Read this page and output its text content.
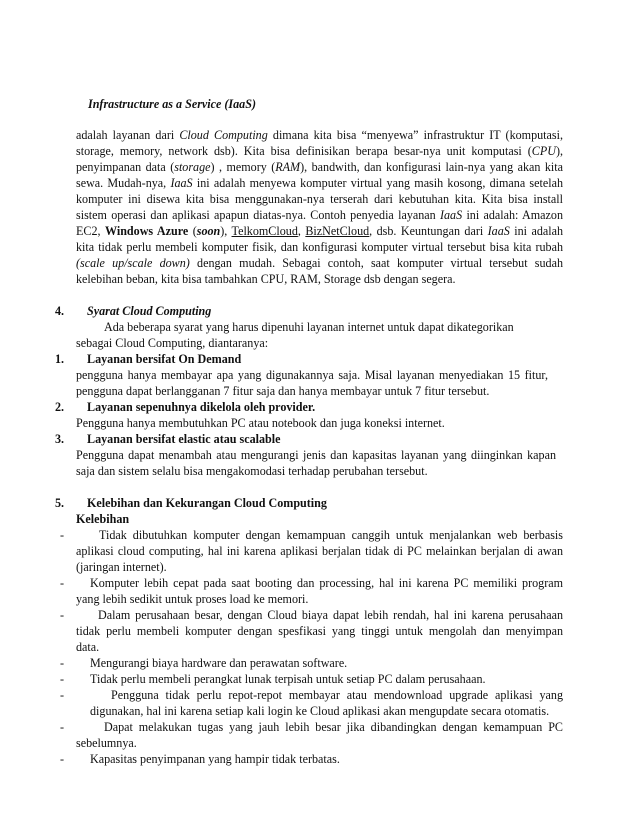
Infrastructure as a Service (IaaS)
adalah layanan dari Cloud Computing dimana kita bisa “menyewa” infrastruktur IT (komputasi,
storage, memory, network dsb). Kita bisa definisikan berapa besar-nya unit komputasi (CPU),
penyimpanan data (storage) , memory (RAM), bandwith, dan konfigurasi lain-nya yang akan kita
sewa. Mudah-nya, IaaS ini adalah menyewa komputer virtual yang masih kosong, dimana setelah
komputer ini disewa kita bisa menggunakan-nya terserah dari kebutuhan kita. Kita bisa install
sistem operasi dan aplikasi apapun diatas-nya. Contoh penyedia layanan IaaS ini adalah: Amazon
EC2, Windows Azure (soon), TelkomCloud, BizNetCloud, dsb. Keuntungan dari IaaS ini adalah
kita tidak perlu membeli komputer fisik, dan konfigurasi komputer virtual tersebut bisa kita rubah
(scale up/scale down) dengan mudah. Sebagai contoh, saat komputer virtual tersebut sudah
kelebihan beban, kita bisa tambahkan CPU, RAM, Storage dsb dengan segera.
4. Syarat Cloud Computing
Ada beberapa syarat yang harus dipenuhi layanan internet untuk dapat dikategorikan
sebagai Cloud Computing, diantaranya:
1. Layanan bersifat On Demand
pengguna hanya membayar apa yang digunakannya saja. Misal layanan menyediakan 15 fitur,
pengguna dapat berlangganan 7 fitur saja dan hanya membayar untuk 7 fitur tersebut.
2. Layanan sepenuhnya dikelola oleh provider.
Pengguna hanya membutuhkan PC atau notebook dan juga koneksi internet.
3. Layanan bersifat elastic atau scalable
Pengguna dapat menambah atau mengurangi jenis dan kapasitas layanan yang diinginkan kapan
saja dan sistem selalu bisa mengakomodasi terhadap perubahan tersebut.
5. Kelebihan dan Kekurangan Cloud Computing
Kelebihan
-	Tidak dibutuhkan komputer dengan kemampuan canggih untuk menjalankan web berbasis
aplikasi cloud computing, hal ini karena aplikasi berjalan tidak di PC melainkan berjalan di awan
(jaringan internet).
- Komputer lebih cepat pada saat booting dan processing, hal ini karena PC memiliki program
yang lebih sedikit untuk proses load ke memori.
-	Dalam perusahaan besar, dengan Cloud biaya dapat lebih rendah, hal ini karena perusahaan
tidak perlu membeli komputer dengan spesfikasi yang tinggi untuk mengolah dan menyimpan
data.
- Mengurangi biaya hardware dan perawatan software.
- Tidak perlu membeli perangkat lunak terpisah untuk setiap PC dalam perusahaan.
-	Pengguna tidak perlu repot-repot membayar atau mendownload upgrade aplikasi yang
digunakan, hal ini karena setiap kali login ke Cloud aplikasi akan mengupdate secara otomatis.
-	Dapat melakukan tugas yang jauh lebih besar jika dibandingkan dengan kemampuan PC
sebelumnya.
- Kapasitas penyimpanan yang hampir tidak terbatas.
